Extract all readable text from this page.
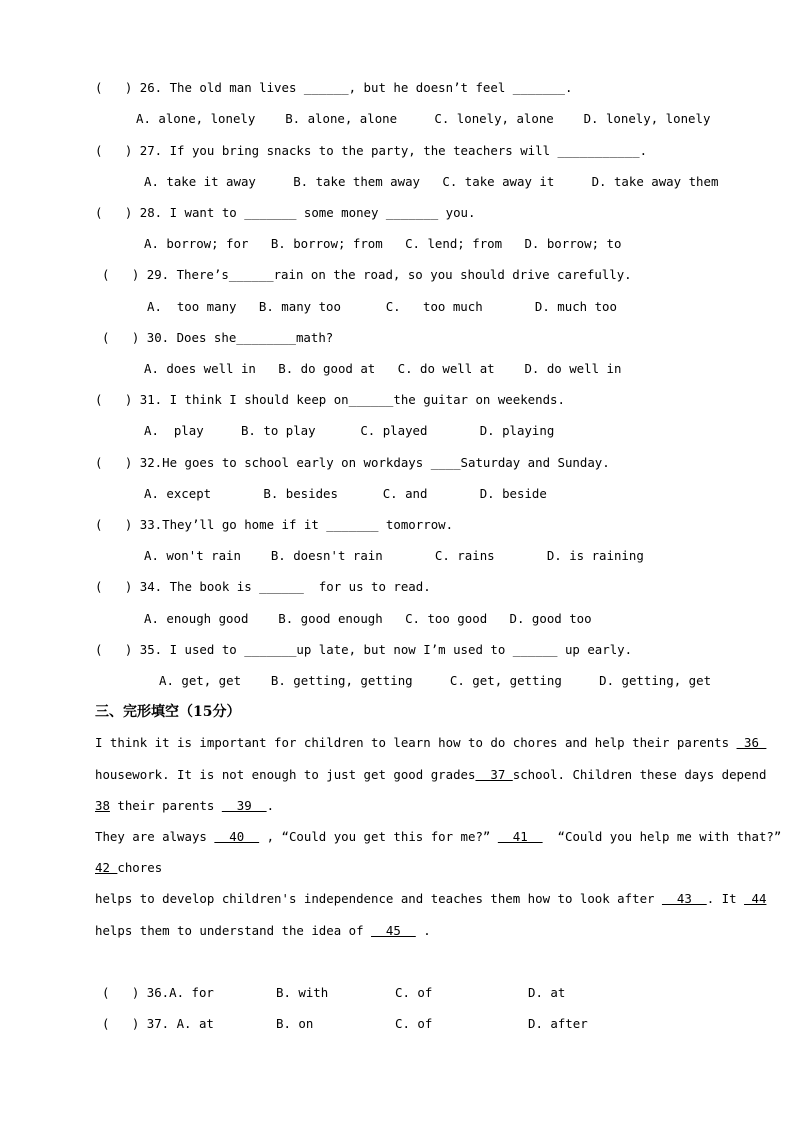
(   ) 26. The old man lives ______, but he doesn’t feel _______.
A. alone, lonely    B. alone, alone     C. lonely, alone    D. lonely, lonely
(   ) 27. If you bring snacks to the party, the teachers will ___________.
A. take it away     B. take them away   C. take away it     D. take away them
(   ) 28. I want to _______ some money _______ you.
A. borrow; for   B. borrow; from   C. lend; from   D. borrow; to
(   ) 29. There’s______rain on the road, so you should drive carefully.
A.  too many   B. many too      C.   too much       D. much too
(   ) 30. Does she________math?
A. does well in   B. do good at   C. do well at    D. do well in
(   ) 31. I think I should keep on______the guitar on weekends.
A.  play     B. to play      C. played       D. playing
(   ) 32.He goes to school early on workdays ____Saturday and Sunday.
A. except       B. besides      C. and       D. beside
(   ) 33.They’ll go home if it _______ tomorrow.
A. won't rain    B. doesn't rain       C. rains       D. is raining
(   ) 34. The book is ______  for us to read.
A. enough good    B. good enough   C. too good   D. good too
(   ) 35. I used to _______up late, but now I’m used to ______ up early.
A. get, get    B. getting, getting     C. get, getting     D. getting, get
三、完形填空（15分）
I think it is important for children to learn how to do chores and help their parents  36
housework. It is not enough to just get good grades  37 school. Children these days depend
38 their parents   39  .
They are always   40   , “Could you get this for me?”   41    “Could you help me with that?”
42 chores
helps to develop children's independence and teaches them how to look after   43  . It  44
helps them to understand the idea of   45   .
(   ) 36.A. for	B. with	C. of	D. at
(   ) 37. A. at	B. on	C. of	D. after
